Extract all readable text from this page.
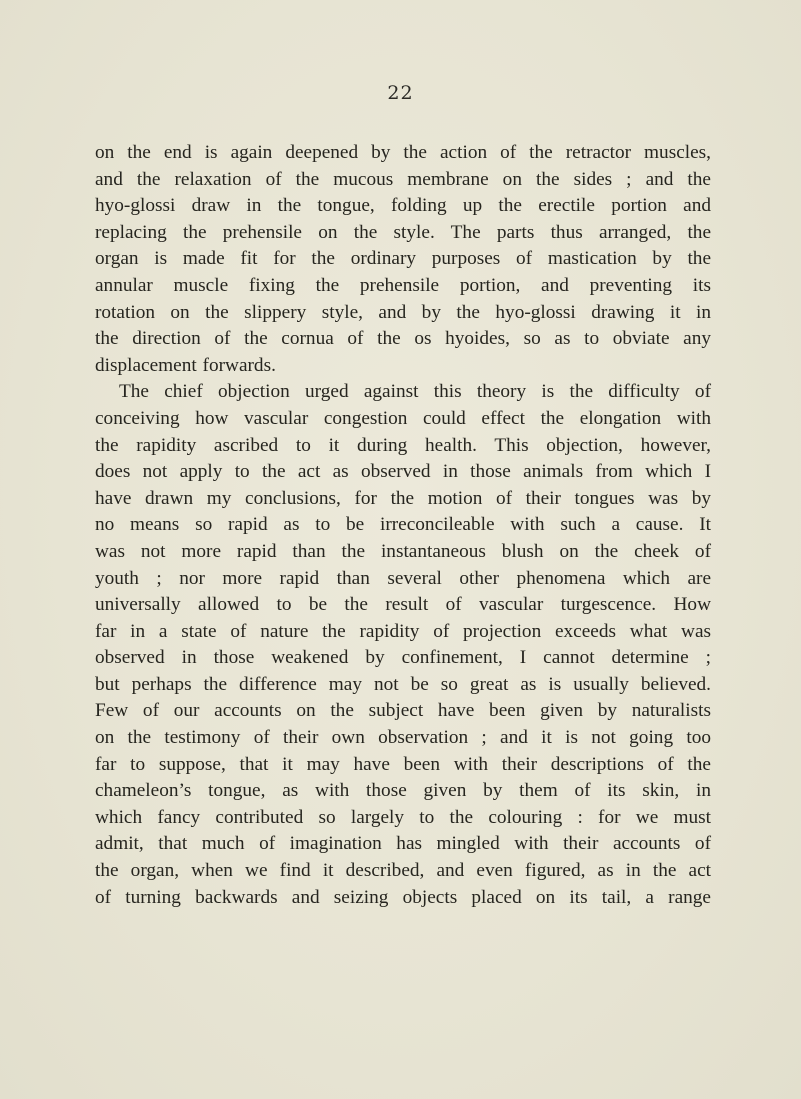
22
on the end is again deepened by the action of the retractor muscles,
and the relaxation of the mucous membrane on the sides ; and the
hyo-glossi draw in the tongue, folding up the erectile portion and
replacing the prehensile on the style. The parts thus arranged, the
organ is made fit for the ordinary purposes of mastication by the
annular muscle fixing the prehensile portion, and preventing its
rotation on the slippery style, and by the hyo-glossi drawing it in
the direction of the cornua of the os hyoides, so as to obviate any
displacement forwards.
The chief objection urged against this theory is the difficulty of
conceiving how vascular congestion could effect the elongation with
the rapidity ascribed to it during health. This objection, however,
does not apply to the act as observed in those animals from which I
have drawn my conclusions, for the motion of their tongues was by
no means so rapid as to be irreconcileable with such a cause. It
was not more rapid than the instantaneous blush on the cheek of
youth ; nor more rapid than several other phenomena which are
universally allowed to be the result of vascular turgescence. How
far in a state of nature the rapidity of projection exceeds what was
observed in those weakened by confinement, I cannot determine ;
but perhaps the difference may not be so great as is usually believed.
Few of our accounts on the subject have been given by naturalists
on the testimony of their own observation ; and it is not going too
far to suppose, that it may have been with their descriptions of the
chameleon’s tongue, as with those given by them of its skin, in
which fancy contributed so largely to the colouring : for we must
admit, that much of imagination has mingled with their accounts of
the organ, when we find it described, and even figured, as in the act
of turning backwards and seizing objects placed on its tail, a range
